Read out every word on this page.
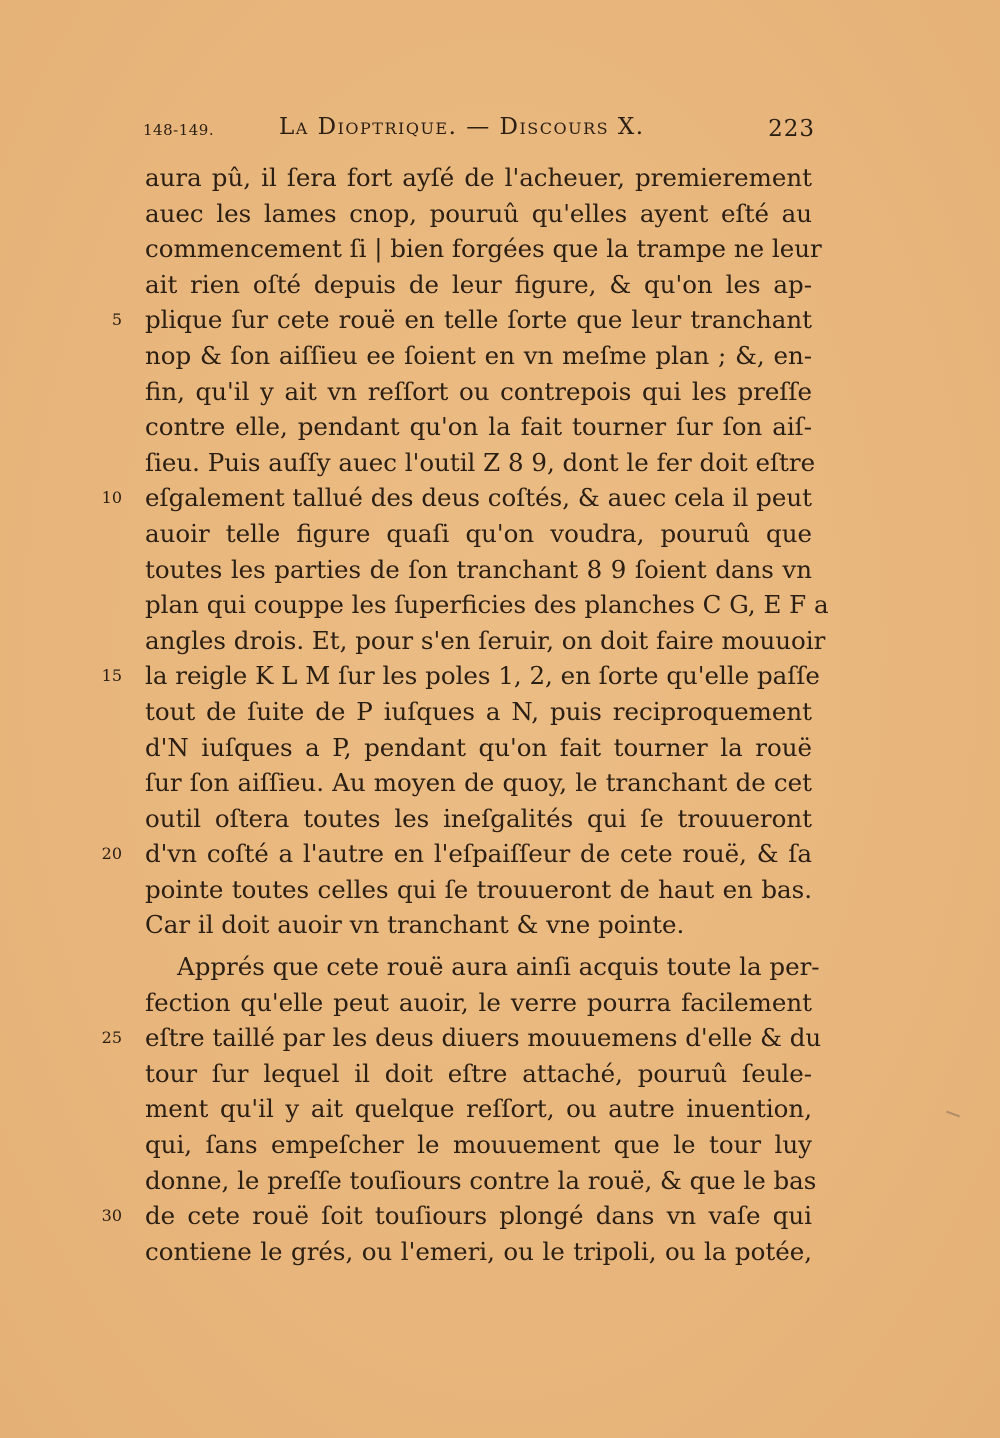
148-149.	La Dioptrique. — Discours X.	223
aura pû, il ſera fort ayſé de l'acheuer, premierement
auec les lames cnop, pouruû qu'elles ayent eſté au
commencement ſi | bien forgées que la trampe ne leur
ait rien oſté depuis de leur figure, & qu'on les ap-
5 plique ſur cete rouë en telle ſorte que leur tranchant
nop & ſon aiſſieu ee ſoient en vn meſme plan ; &, en-
fin, qu'il y ait vn reſſort ou contrepois qui les preſſe
contre elle, pendant qu'on la fait tourner ſur ſon aiſ-
ſieu. Puis auſſy auec l'outil Z 8 9, dont le fer doit eſtre
10 eſgalement tallué des deus coſtés, & auec cela il peut
auoir telle figure quaſi qu'on voudra, pouruû que
toutes les parties de ſon tranchant 8 9 ſoient dans vn
plan qui couppe les ſuperficies des planches C G, E F a
angles drois. Et, pour s'en ſeruir, on doit faire mouuoir
15 la reigle K L M ſur les poles 1, 2, en ſorte qu'elle paſſe
tout de ſuite de P iuſques a N, puis reciproquement
d'N iuſques a P, pendant qu'on fait tourner la rouë
ſur ſon aiſſieu. Au moyen de quoy, le tranchant de cet
outil oſtera toutes les ineſgalités qui ſe trouueront
20 d'vn coſté a l'autre en l'eſpaiſſeur de cete rouë, & ſa
pointe toutes celles qui ſe trouueront de haut en bas.
Car il doit auoir vn tranchant & vne pointe.
Apprés que cete rouë aura ainſi acquis toute la per-
fection qu'elle peut auoir, le verre pourra facilement
25 eſtre taillé par les deus diuers mouuemens d'elle & du
tour ſur lequel il doit eſtre attaché, pouruû ſeule-
ment qu'il y ait quelque reſſort, ou autre inuention,
qui, ſans empeſcher le mouuement que le tour luy
donne, le preſſe touſiours contre la rouë, & que le bas
30 de cete rouë ſoit touſiours plongé dans vn vaſe qui
contiene le grés, ou l'emeri, ou le tripoli, ou la potée,
